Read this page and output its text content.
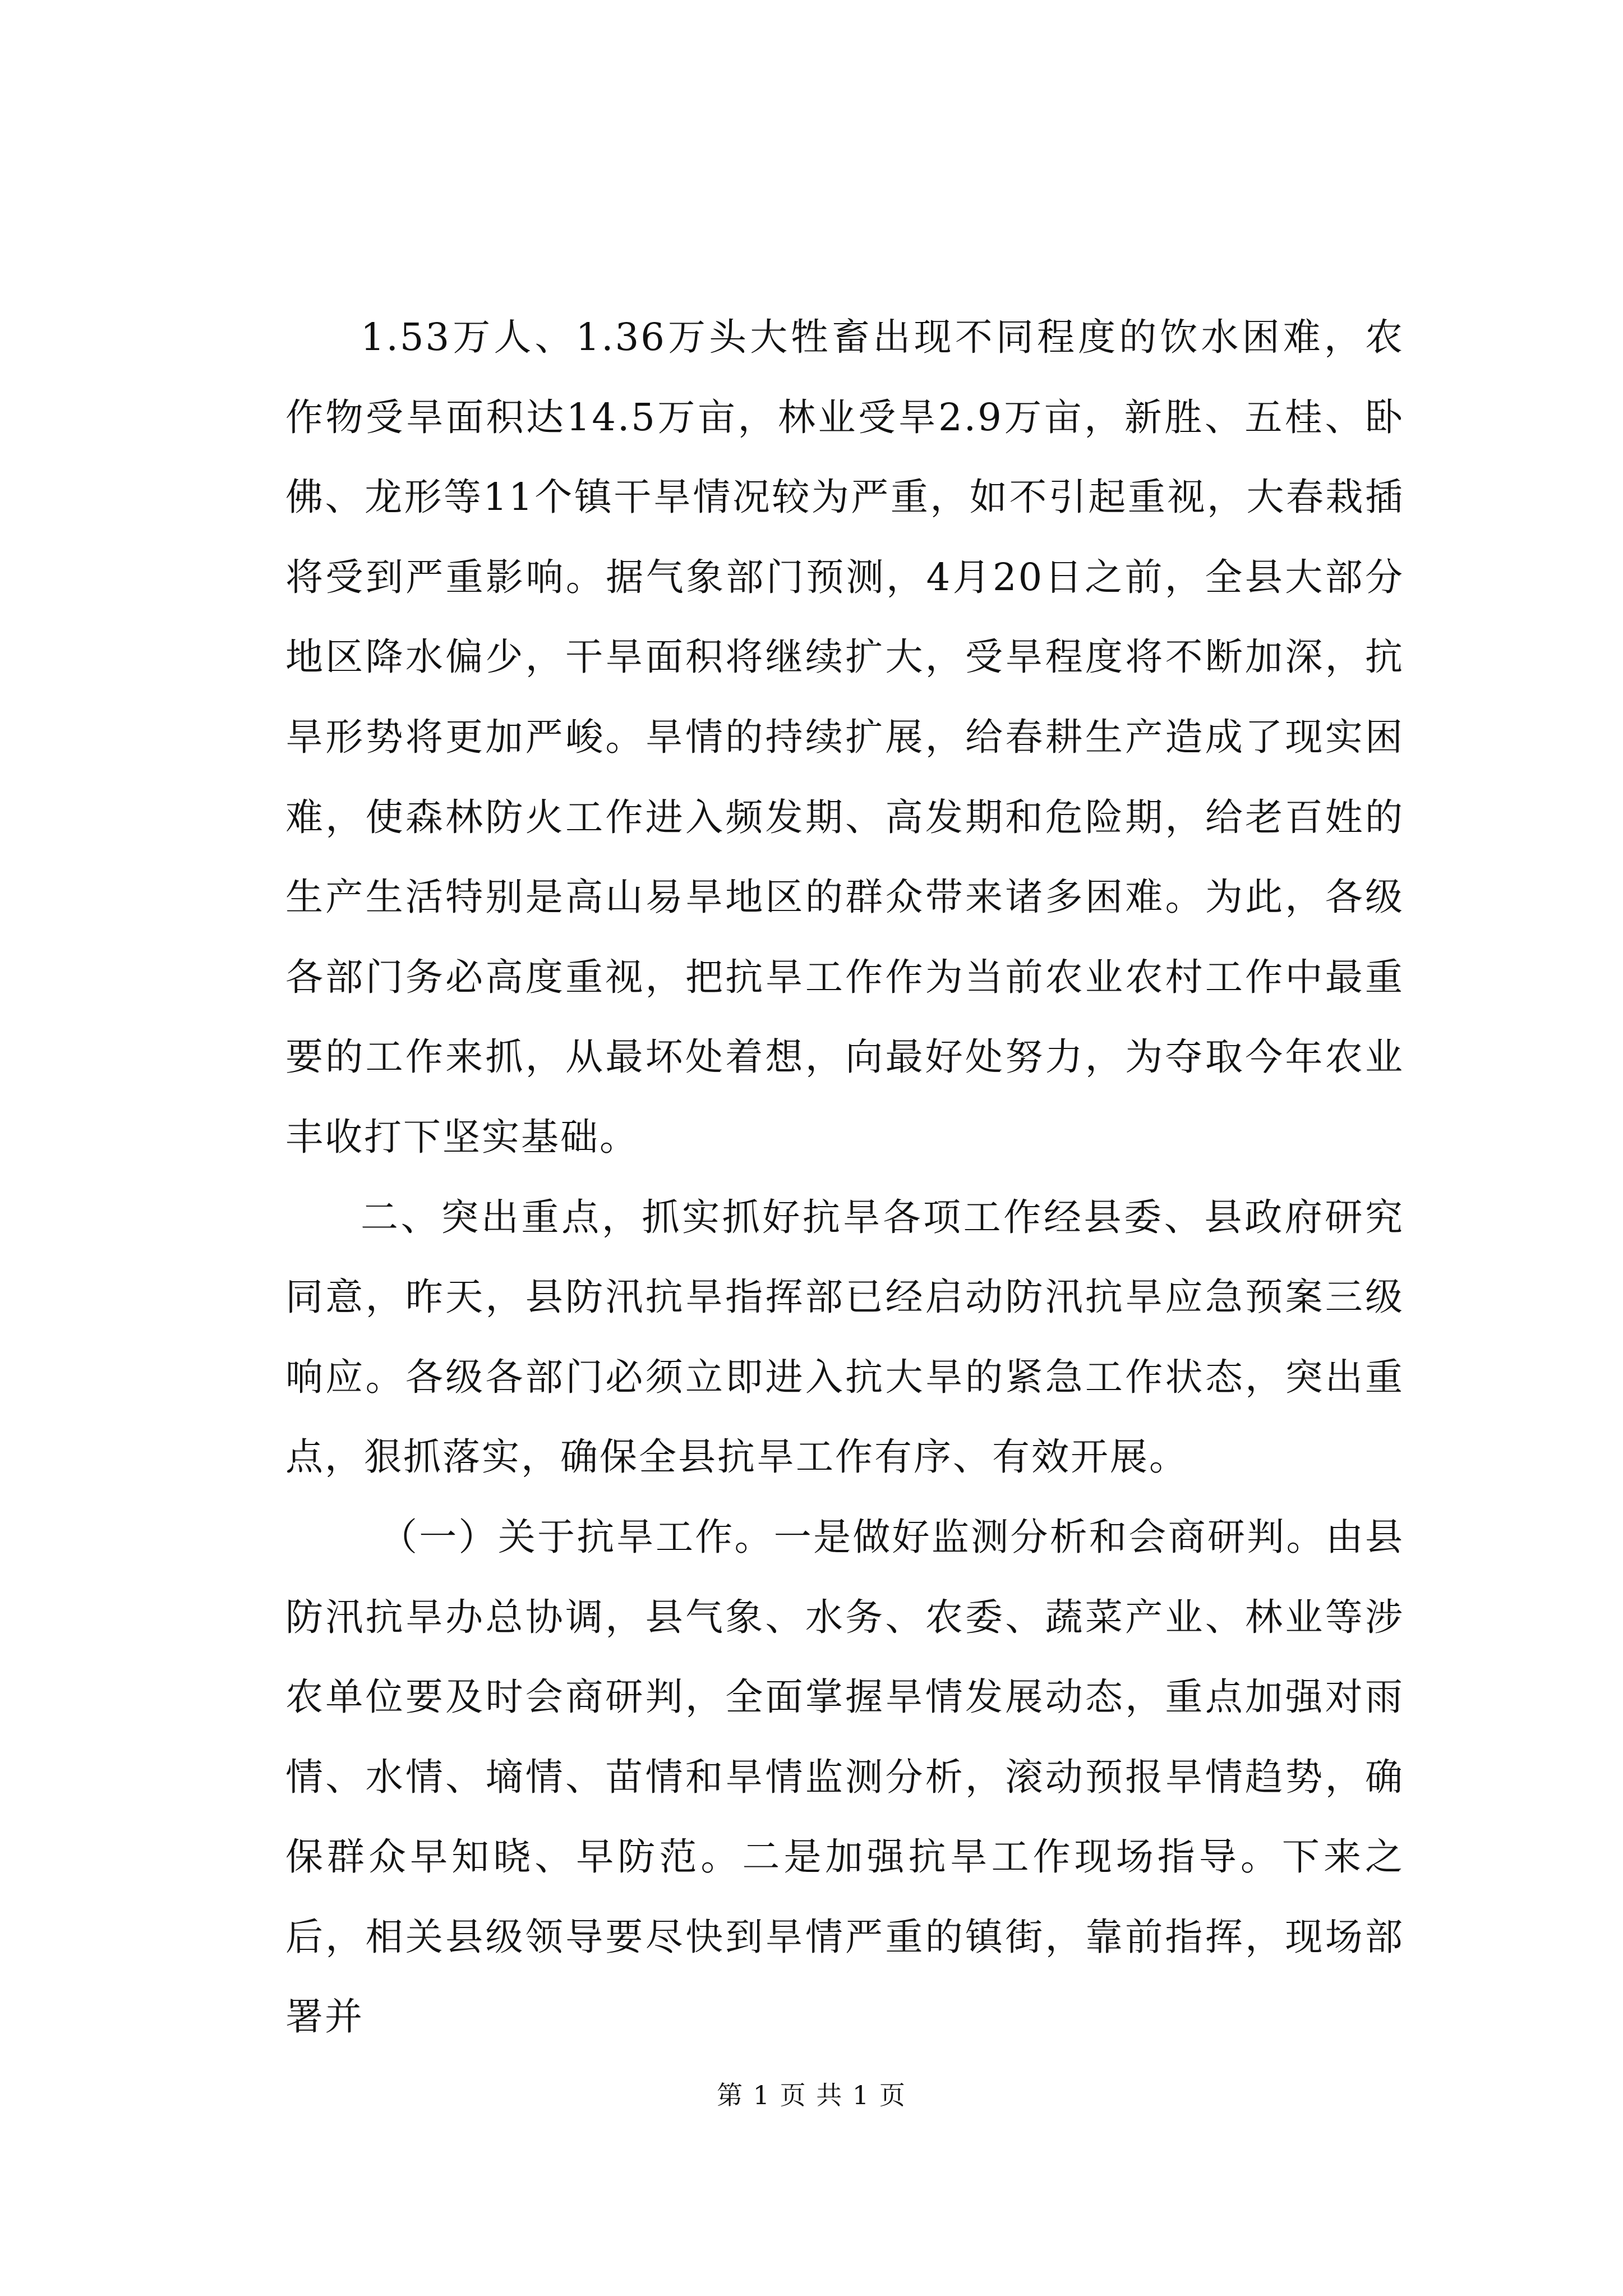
1.53万人、1.36万头大牲畜出现不同程度的饮水困难，农作物受旱面积达14.5万亩，林业受旱2.9万亩，新胜、五桂、卧佛、龙形等11个镇干旱情况较为严重，如不引起重视，大春栽插将受到严重影响。据气象部门预测，4月20日之前，全县大部分地区降水偏少，干旱面积将继续扩大，受旱程度将不断加深，抗旱形势将更加严峻。旱情的持续扩展，给春耕生产造成了现实困难，使森林防火工作进入频发期、高发期和危险期，给老百姓的生产生活特别是高山易旱地区的群众带来诸多困难。为此，各级各部门务必高度重视，把抗旱工作作为当前农业农村工作中最重要的工作来抓，从最坏处着想，向最好处努力，为夺取今年农业丰收打下坚实基础。

二、突出重点，抓实抓好抗旱各项工作经县委、县政府研究同意，昨天，县防汛抗旱指挥部已经启动防汛抗旱应急预案三级响应。各级各部门必须立即进入抗大旱的紧急工作状态，突出重点，狠抓落实，确保全县抗旱工作有序、有效开展。

（一）关于抗旱工作。一是做好监测分析和会商研判。由县防汛抗旱办总协调，县气象、水务、农委、蔬菜产业、林业等涉农单位要及时会商研判，全面掌握旱情发展动态，重点加强对雨情、水情、墒情、苗情和旱情监测分析，滚动预报旱情趋势，确保群众早知晓、早防范。二是加强抗旱工作现场指导。下来之后，相关县级领导要尽快到旱情严重的镇街，靠前指挥，现场部署并

第 1 页 共 1 页
